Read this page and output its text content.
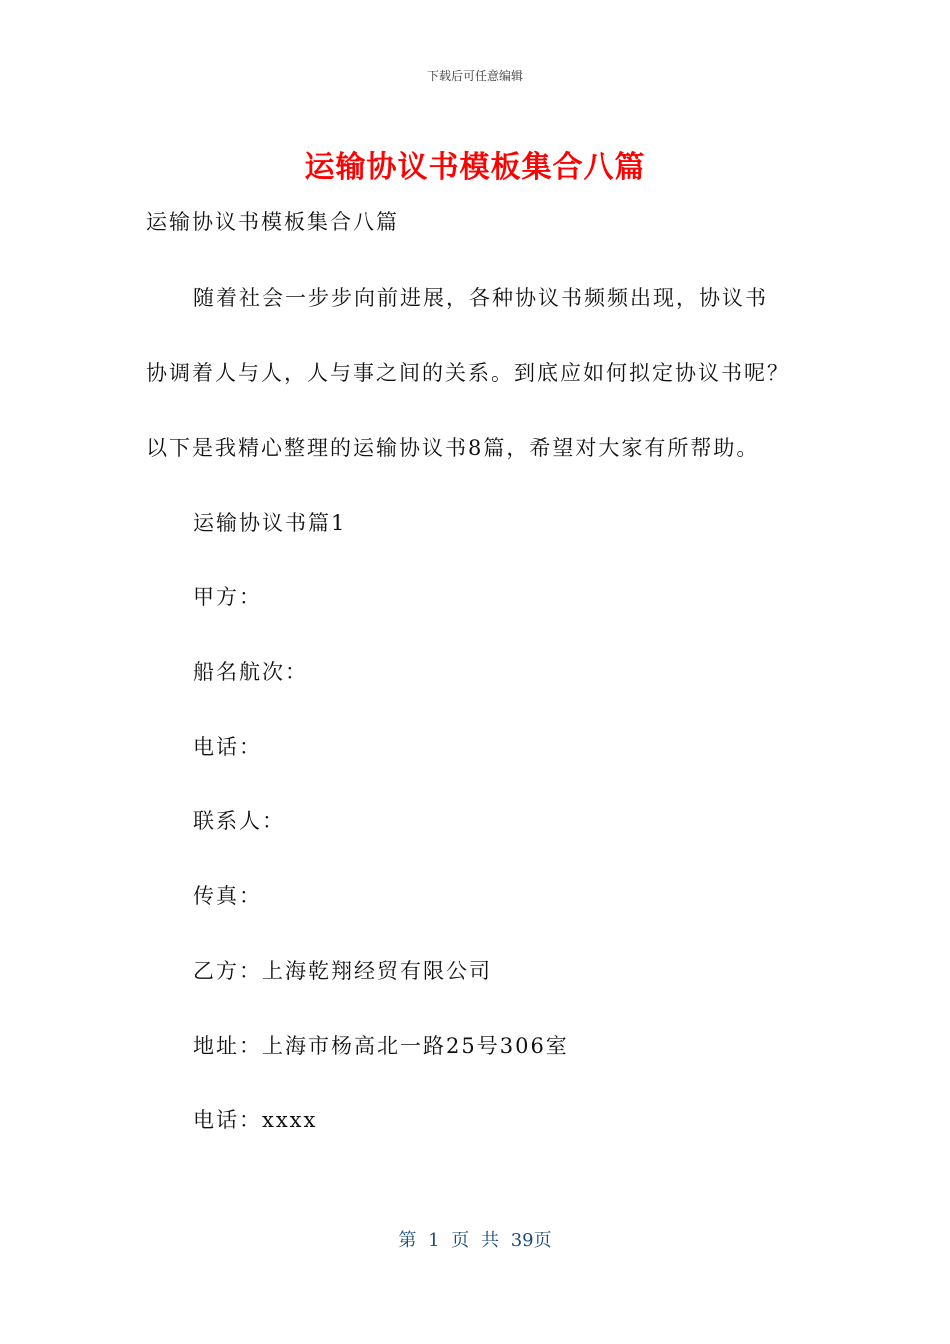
下载后可任意编辑
运输协议书模板集合八篇
运输协议书模板集合八篇
随着社会一步步向前进展，各种协议书频频出现，协议书
协调着人与人，人与事之间的关系。到底应如何拟定协议书呢？
以下是我精心整理的运输协议书8篇，希望对大家有所帮助。
运输协议书篇1
甲方：
船名航次：
电话：
联系人：
传真：
乙方：上海乾翔经贸有限公司
地址：上海市杨高北一路25号306室
电话：xxxx
第 1 页 共 39页
